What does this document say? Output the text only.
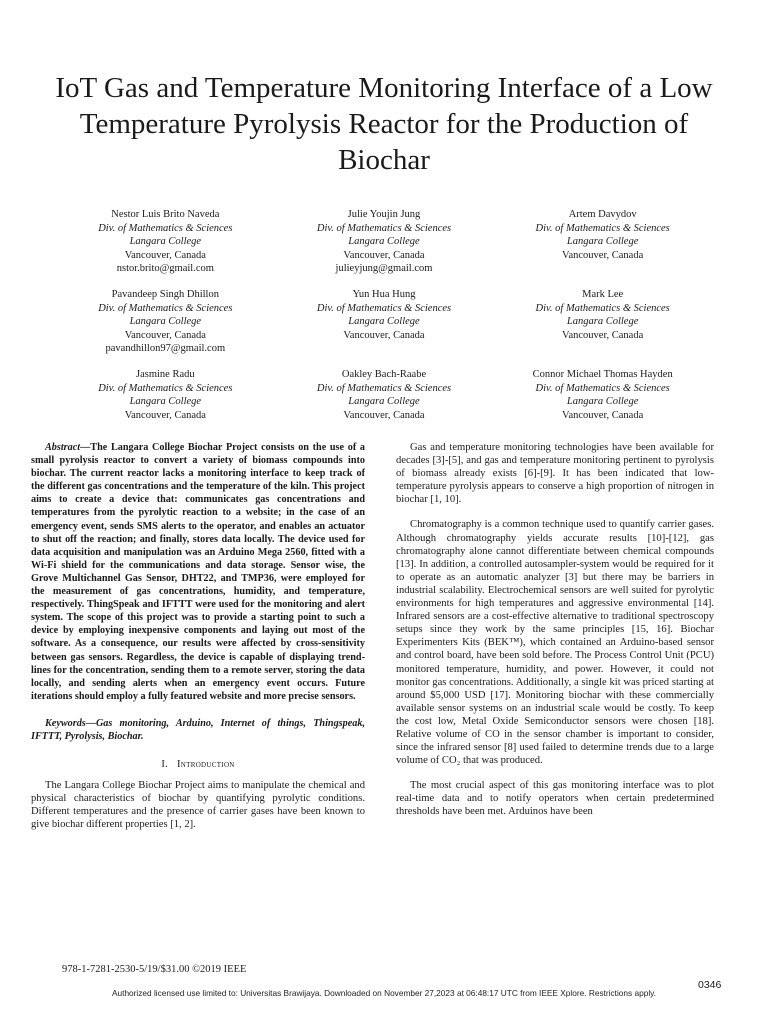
IoT Gas and Temperature Monitoring Interface of a Low Temperature Pyrolysis Reactor for the Production of Biochar
Nestor Luis Brito Naveda
Div. of Mathematics & Sciences
Langara College
Vancouver, Canada
nstor.brito@gmail.com
Julie Youjin Jung
Div. of Mathematics & Sciences
Langara College
Vancouver, Canada
julieyjung@gmail.com
Artem Davydov
Div. of Mathematics & Sciences
Langara College
Vancouver, Canada
Pavandeep Singh Dhillon
Div. of Mathematics & Sciences
Langara College
Vancouver, Canada
pavandhillon97@gmail.com
Yun Hua Hung
Div. of Mathematics & Sciences
Langara College
Vancouver, Canada
Mark Lee
Div. of Mathematics & Sciences
Langara College
Vancouver, Canada
Jasmine Radu
Div. of Mathematics & Sciences
Langara College
Vancouver, Canada
Oakley Bach-Raabe
Div. of Mathematics & Sciences
Langara College
Vancouver, Canada
Connor Michael Thomas Hayden
Div. of Mathematics & Sciences
Langara College
Vancouver, Canada

Abstract—The Langara College Biochar Project consists on the use of a small pyrolysis reactor to convert a variety of biomass compounds into biochar. The current reactor lacks a monitoring interface to keep track of the different gas concentrations and the temperature of the kiln. This project aims to create a device that: communicates gas concentrations and temperatures from the pyrolytic reaction to a website; in the case of an emergency event, sends SMS alerts to the operator, and enables an actuator to shut off the reaction; and finally, stores data locally. The device used for data acquisition and manipulation was an Arduino Mega 2560, fitted with a Wi-Fi shield for the communications and data storage. Sensor wise, the Grove Multichannel Gas Sensor, DHT22, and TMP36, were employed for the measurement of gas concentrations, humidity, and temperature, respectively. ThingSpeak and IFTTT were used for the monitoring and alert system. The scope of this project was to provide a starting point to such a device by employing inexpensive components and laying out most of the software. As a consequence, our results were affected by cross-sensitivity between gas sensors. Regardless, the device is capable of displaying trend-lines for the concentration, sending them to a remote server, storing the data locally, and sending alerts when an emergency event occurs. Future iterations should employ a fully featured website and more precise sensors.

Keywords—Gas monitoring, Arduino, Internet of things, Thingspeak, IFTTT, Pyrolysis, Biochar.

I. Introduction

The Langara College Biochar Project aims to manipulate the chemical and physical characteristics of biochar by quantifying pyrolytic conditions. Different temperatures and the presence of carrier gases have been known to give biochar different properties [1, 2].

Gas and temperature monitoring technologies have been available for decades [3]-[5], and gas and temperature monitoring pertinent to pyrolysis of biomass already exists [6]-[9]. It has been indicated that low-temperature pyrolysis appears to conserve a high proportion of nitrogen in biochar [1, 10].

Chromatography is a common technique used to quantify carrier gases. Although chromatography yields accurate results [10]-[12], gas chromatography alone cannot differentiate between chemical compounds [13]. In addition, a controlled autosampler-system would be required for it to operate as an automatic analyzer [3] but there may be barriers in industrial scalability. Electrochemical sensors are well suited for pyrolytic environments for high temperatures and aggressive environmental [14]. Infrared sensors are a cost-effective alternative to traditional spectroscopy setups since they work by the same principles [15, 16]. Biochar Experimenters Kits (BEK™), which contained an Arduino-based sensor and control board, have been sold before. The Process Control Unit (PCU) monitored temperature, humidity, and power. However, it could not monitor gas concentrations. Additionally, a single kit was priced starting at around $5,000 USD [17]. Monitoring biochar with these commercially available sensor systems on an industrial scale would be costly. To keep the cost low, Metal Oxide Semiconductor sensors were chosen [18]. Relative volume of CO in the sensor chamber is important to consider, since the infrared sensor [8] used failed to determine trends due to a large volume of CO₂ that was produced.

The most crucial aspect of this gas monitoring interface was to plot real-time data and to notify operators when certain predetermined thresholds have been met. Arduinos have been

978-1-7281-2530-5/19/$31.00 ©2019 IEEE
0346
Authorized licensed use limited to: Universitas Brawijaya. Downloaded on November 27,2023 at 06:48:17 UTC from IEEE Xplore. Restrictions apply.
